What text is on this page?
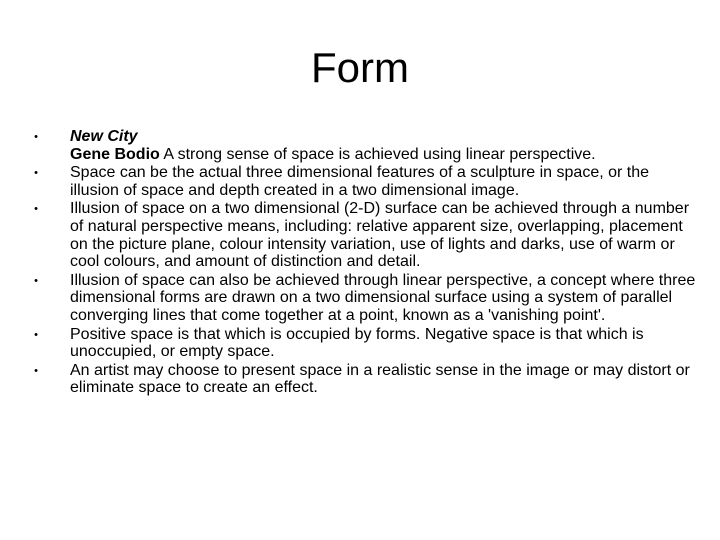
Form
• New City
Gene Bodio A strong sense of space is achieved using linear perspective.
• Space can be the actual three dimensional features of a sculpture in space, or the illusion of space and depth created in a two dimensional image.
• Illusion of space on a two dimensional (2-D) surface can be achieved through a number of natural perspective means, including: relative apparent size, overlapping, placement on the picture plane, colour intensity variation, use of lights and darks, use of warm or cool colours, and amount of distinction and detail.
• Illusion of space can also be achieved through linear perspective, a concept where three dimensional forms are drawn on a two dimensional surface using a system of parallel converging lines that come together at a point, known as a 'vanishing point'.
• Positive space is that which is occupied by forms. Negative space is that which is unoccupied, or empty space.
• An artist may choose to present space in a realistic sense in the image or may distort or eliminate space to create an effect.
